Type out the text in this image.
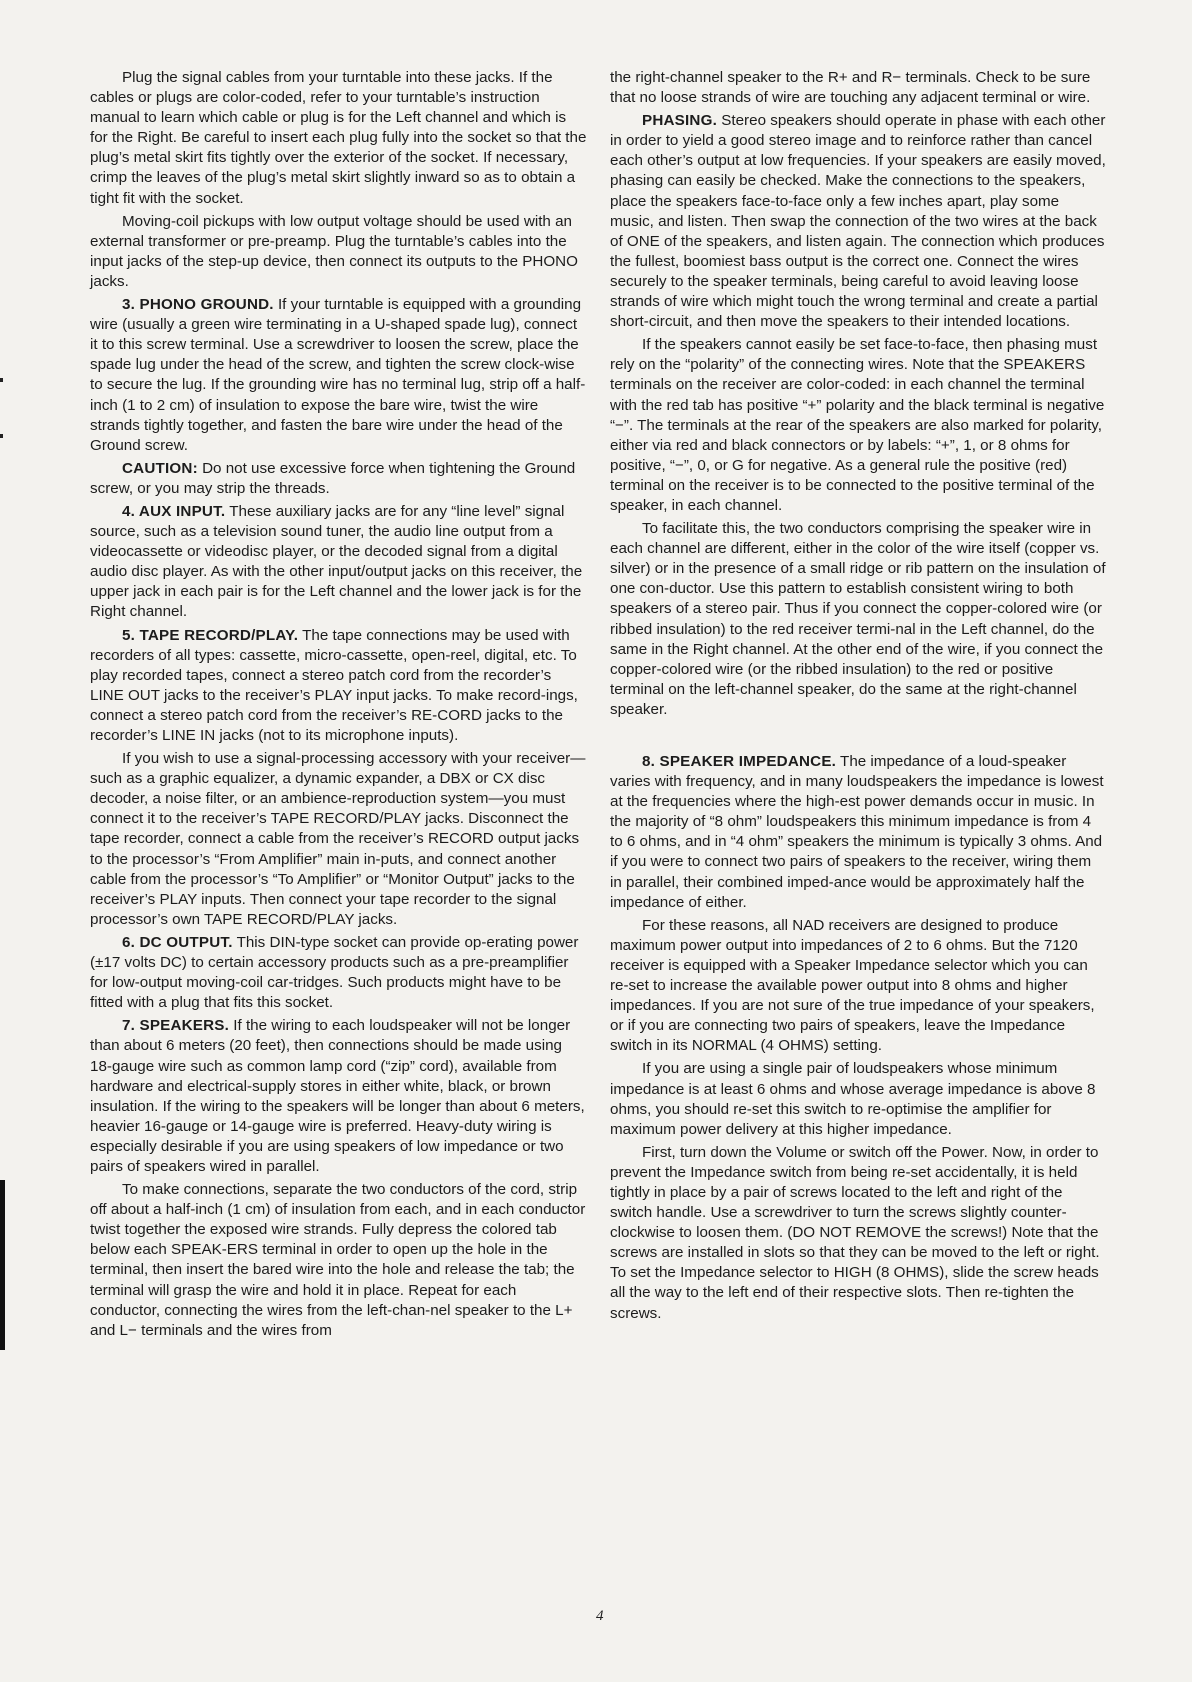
Plug the signal cables from your turntable into these jacks. If the cables or plugs are color-coded, refer to your turntable’s instruction manual to learn which cable or plug is for the Left channel and which is for the Right. Be careful to insert each plug fully into the socket so that the plug’s metal skirt fits tightly over the exterior of the socket. If necessary, crimp the leaves of the plug’s metal skirt slightly inward so as to obtain a tight fit with the socket.

Moving-coil pickups with low output voltage should be used with an external transformer or pre-preamp. Plug the turntable’s cables into the input jacks of the step-up device, then connect its outputs to the PHONO jacks.

3. PHONO GROUND. If your turntable is equipped with a grounding wire (usually a green wire terminating in a U-shaped spade lug), connect it to this screw terminal. Use a screwdriver to loosen the screw, place the spade lug under the head of the screw, and tighten the screw clock-wise to secure the lug. If the grounding wire has no terminal lug, strip off a half-inch (1 to 2 cm) of insulation to expose the bare wire, twist the wire strands tightly together, and fasten the bare wire under the head of the Ground screw.

CAUTION: Do not use excessive force when tightening the Ground screw, or you may strip the threads.

4. AUX INPUT. These auxiliary jacks are for any “line level” signal source, such as a television sound tuner, the audio line output from a videocassette or videodisc player, or the decoded signal from a digital audio disc player. As with the other input/output jacks on this receiver, the upper jack in each pair is for the Left channel and the lower jack is for the Right channel.

5. TAPE RECORD/PLAY. The tape connections may be used with recorders of all types: cassette, micro-cassette, open-reel, digital, etc. To play recorded tapes, connect a stereo patch cord from the recorder’s LINE OUT jacks to the receiver’s PLAY input jacks. To make record-ings, connect a stereo patch cord from the receiver’s RE-CORD jacks to the recorder’s LINE IN jacks (not to its microphone inputs).

If you wish to use a signal-processing accessory with your receiver—such as a graphic equalizer, a dynamic expander, a DBX or CX disc decoder, a noise filter, or an ambience-reproduction system—you must connect it to the receiver’s TAPE RECORD/PLAY jacks. Disconnect the tape recorder, connect a cable from the receiver’s RECORD output jacks to the processor’s “From Amplifier” main in-puts, and connect another cable from the processor’s “To Amplifier” or “Monitor Output” jacks to the receiver’s PLAY inputs. Then connect your tape recorder to the signal processor’s own TAPE RECORD/PLAY jacks.

6. DC OUTPUT. This DIN-type socket can provide op-erating power (±17 volts DC) to certain accessory products such as a pre-preamplifier for low-output moving-coil car-tridges. Such products might have to be fitted with a plug that fits this socket.

7. SPEAKERS. If the wiring to each loudspeaker will not be longer than about 6 meters (20 feet), then connections should be made using 18-gauge wire such as common lamp cord (“zip” cord), available from hardware and electrical-supply stores in either white, black, or brown insulation. If the wiring to the speakers will be longer than about 6 meters, heavier 16-gauge or 14-gauge wire is preferred. Heavy-duty wiring is especially desirable if you are using speakers of low impedance or two pairs of speakers wired in parallel.

To make connections, separate the two conductors of the cord, strip off about a half-inch (1 cm) of insulation from each, and in each conductor twist together the exposed wire strands. Fully depress the colored tab below each SPEAK-ERS terminal in order to open up the hole in the terminal, then insert the bared wire into the hole and release the tab; the terminal will grasp the wire and hold it in place. Repeat for each conductor, connecting the wires from the left-chan-nel speaker to the L+ and L− terminals and the wires from

the right-channel speaker to the R+ and R− terminals. Check to be sure that no loose strands of wire are touching any adjacent terminal or wire.

PHASING. Stereo speakers should operate in phase with each other in order to yield a good stereo image and to reinforce rather than cancel each other’s output at low frequencies. If your speakers are easily moved, phasing can easily be checked. Make the connections to the speakers, place the speakers face-to-face only a few inches apart, play some music, and listen. Then swap the connection of the two wires at the back of ONE of the speakers, and listen again. The connection which produces the fullest, boomiest bass output is the correct one. Connect the wires securely to the speaker terminals, being careful to avoid leaving loose strands of wire which might touch the wrong terminal and create a partial short-circuit, and then move the speakers to their intended locations.

If the speakers cannot easily be set face-to-face, then phasing must rely on the “polarity” of the connecting wires. Note that the SPEAKERS terminals on the receiver are color-coded: in each channel the terminal with the red tab has positive “+” polarity and the black terminal is negative “−”. The terminals at the rear of the speakers are also marked for polarity, either via red and black connectors or by labels: “+”, 1, or 8 ohms for positive, “−”, 0, or G for negative. As a general rule the positive (red) terminal on the receiver is to be connected to the positive terminal of the speaker, in each channel.

To facilitate this, the two conductors comprising the speaker wire in each channel are different, either in the color of the wire itself (copper vs. silver) or in the presence of a small ridge or rib pattern on the insulation of one con-ductor. Use this pattern to establish consistent wiring to both speakers of a stereo pair. Thus if you connect the copper-colored wire (or ribbed insulation) to the red receiver termi-nal in the Left channel, do the same in the Right channel. At the other end of the wire, if you connect the copper-colored wire (or the ribbed insulation) to the red or positive terminal on the left-channel speaker, do the same at the right-channel speaker.

8. SPEAKER IMPEDANCE. The impedance of a loud-speaker varies with frequency, and in many loudspeakers the impedance is lowest at the frequencies where the high-est power demands occur in music. In the majority of “8 ohm” loudspeakers this minimum impedance is from 4 to 6 ohms, and in “4 ohm” speakers the minimum is typically 3 ohms. And if you were to connect two pairs of speakers to the receiver, wiring them in parallel, their combined imped-ance would be approximately half the impedance of either.

For these reasons, all NAD receivers are designed to produce maximum power output into impedances of 2 to 6 ohms. But the 7120 receiver is equipped with a Speaker Impedance selector which you can re-set to increase the available power output into 8 ohms and higher impedances. If you are not sure of the true impedance of your speakers, or if you are connecting two pairs of speakers, leave the Impedance switch in its NORMAL (4 OHMS) setting.

If you are using a single pair of loudspeakers whose minimum impedance is at least 6 ohms and whose average impedance is above 8 ohms, you should re-set this switch to re-optimise the amplifier for maximum power delivery at this higher impedance.

First, turn down the Volume or switch off the Power. Now, in order to prevent the Impedance switch from being re-set accidentally, it is held tightly in place by a pair of screws located to the left and right of the switch handle. Use a screwdriver to turn the screws slightly counter-clockwise to loosen them. (DO NOT REMOVE the screws!) Note that the screws are installed in slots so that they can be moved to the left or right. To set the Impedance selector to HIGH (8 OHMS), slide the screw heads all the way to the left end of their respective slots. Then re-tighten the screws.

4
